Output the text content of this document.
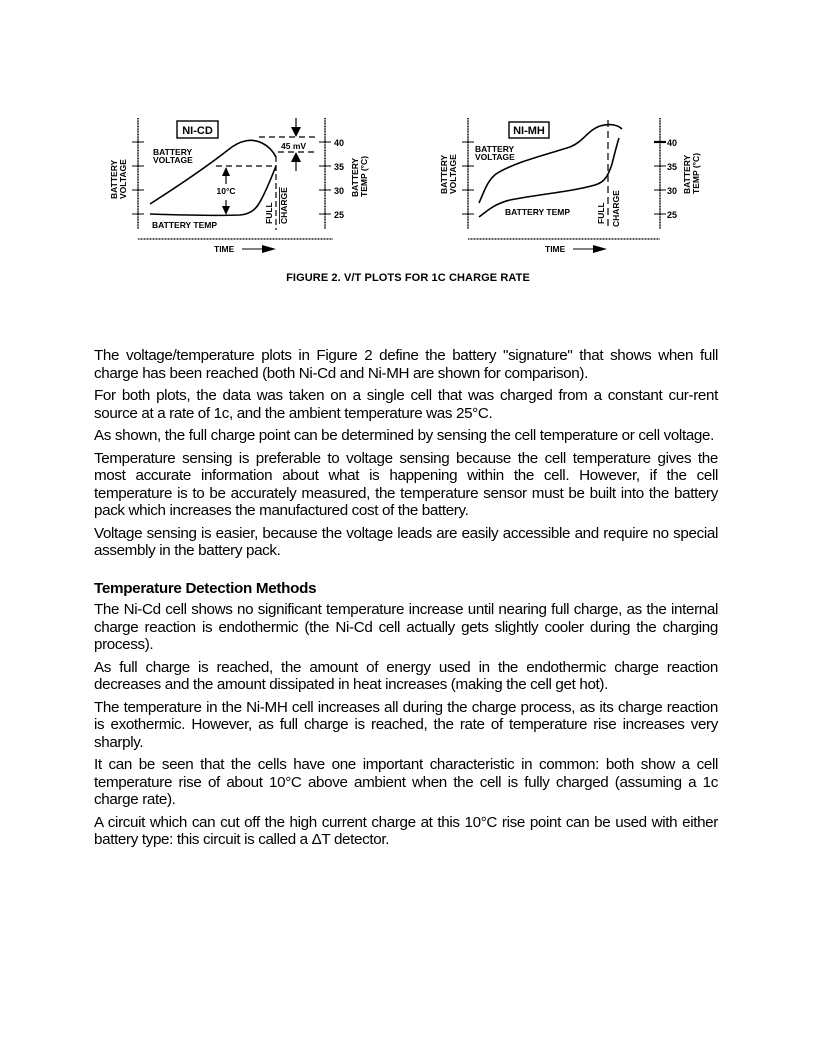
BATTERY VOLTAGE
NI-CD
BATTERY
VOLTAGE
10°C
FULL CHARGE
45 mV
BATTERY TEMP
40
35
30
25
BATTERY TEMP (°C)
TIME
BATTERY VOLTAGE
NI-MH
BATTERY
VOLTAGE
FULL CHARGE
BATTERY TEMP
40
35
30
25
BATTERY TEMP (°C)
TIME
FIGURE 2. V/T PLOTS FOR 1C CHARGE RATE

The voltage/temperature plots in Figure 2 define the battery "signature" that shows when full charge has been reached (both Ni-Cd and Ni-MH are shown for comparison).

For both plots, the data was taken on a single cell that was charged from a constant cur-rent source at a rate of 1c, and the ambient temperature was 25°C.

As shown, the full charge point can be determined by sensing the cell temperature or cell voltage.

Temperature sensing is preferable to voltage sensing because the cell temperature gives the most accurate information about what is happening within the cell. However, if the cell temperature is to be accurately measured, the temperature sensor must be built into the battery pack which increases the manufactured cost of the battery.

Voltage sensing is easier, because the voltage leads are easily accessible and require no special assembly in the battery pack.

Temperature Detection Methods

The Ni-Cd cell shows no significant temperature increase until nearing full charge, as the internal charge reaction is endothermic (the Ni-Cd cell actually gets slightly cooler during the charging process).

As full charge is reached, the amount of energy used in the endothermic charge reaction decreases and the amount dissipated in heat increases (making the cell get hot).

The temperature in the Ni-MH cell increases all during the charge process, as its charge reaction is exothermic. However, as full charge is reached, the rate of temperature rise increases very sharply.

It can be seen that the cells have one important characteristic in common: both show a cell temperature rise of about 10°C above ambient when the cell is fully charged (assuming a 1c charge rate).

A circuit which can cut off the high current charge at this 10°C rise point can be used with either battery type: this circuit is called a ΔT detector.
